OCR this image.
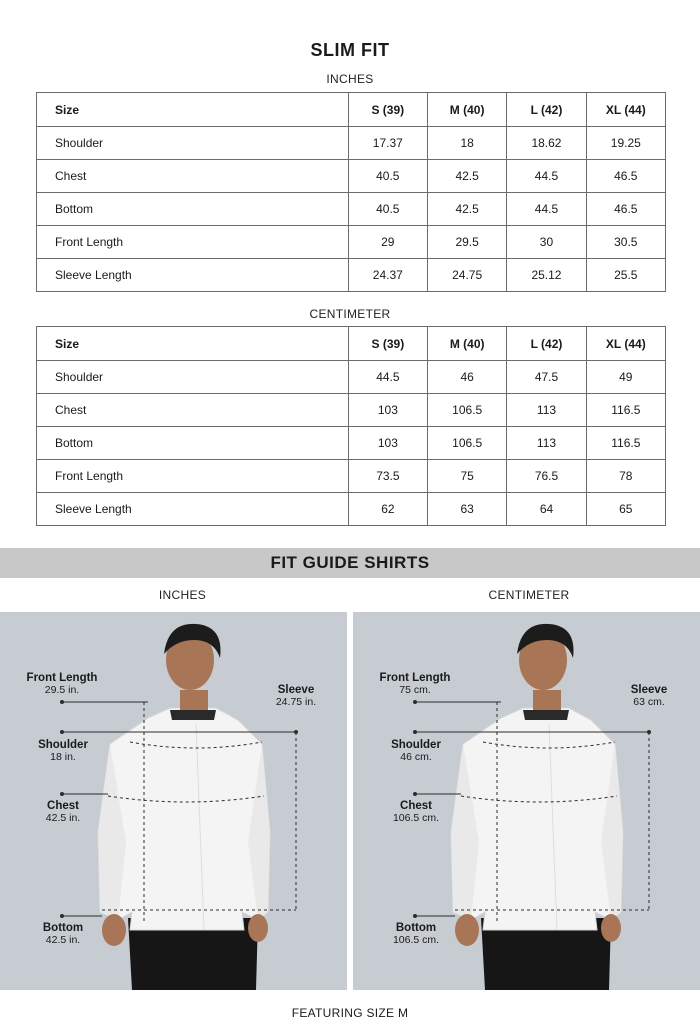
SLIM FIT
INCHES
Size	S (39)	M (40)	L (42)	XL (44)
Shoulder	17.37	18	18.62	19.25
Chest	40.5	42.5	44.5	46.5
Bottom	40.5	42.5	44.5	46.5
Front Length	29	29.5	30	30.5
Sleeve Length	24.37	24.75	25.12	25.5
CENTIMETER
Size	S (39)	M (40)	L (42)	XL (44)
Shoulder	44.5	46	47.5	49
Chest	103	106.5	113	116.5
Bottom	103	106.5	113	116.5
Front Length	73.5	75	76.5	78
Sleeve Length	62	63	64	65
FIT GUIDE SHIRTS
INCHES	CENTIMETER
Front Length
29.5 in.	Sleeve
24.75 in.
Shoulder
18 in.
Chest
42.5 in.
Bottom
42.5 in.
Front Length
75 cm.	Sleeve
63 cm.
Shoulder
46 cm.
Chest
106.5 cm.
Bottom
106.5 cm.
FEATURING SIZE M
